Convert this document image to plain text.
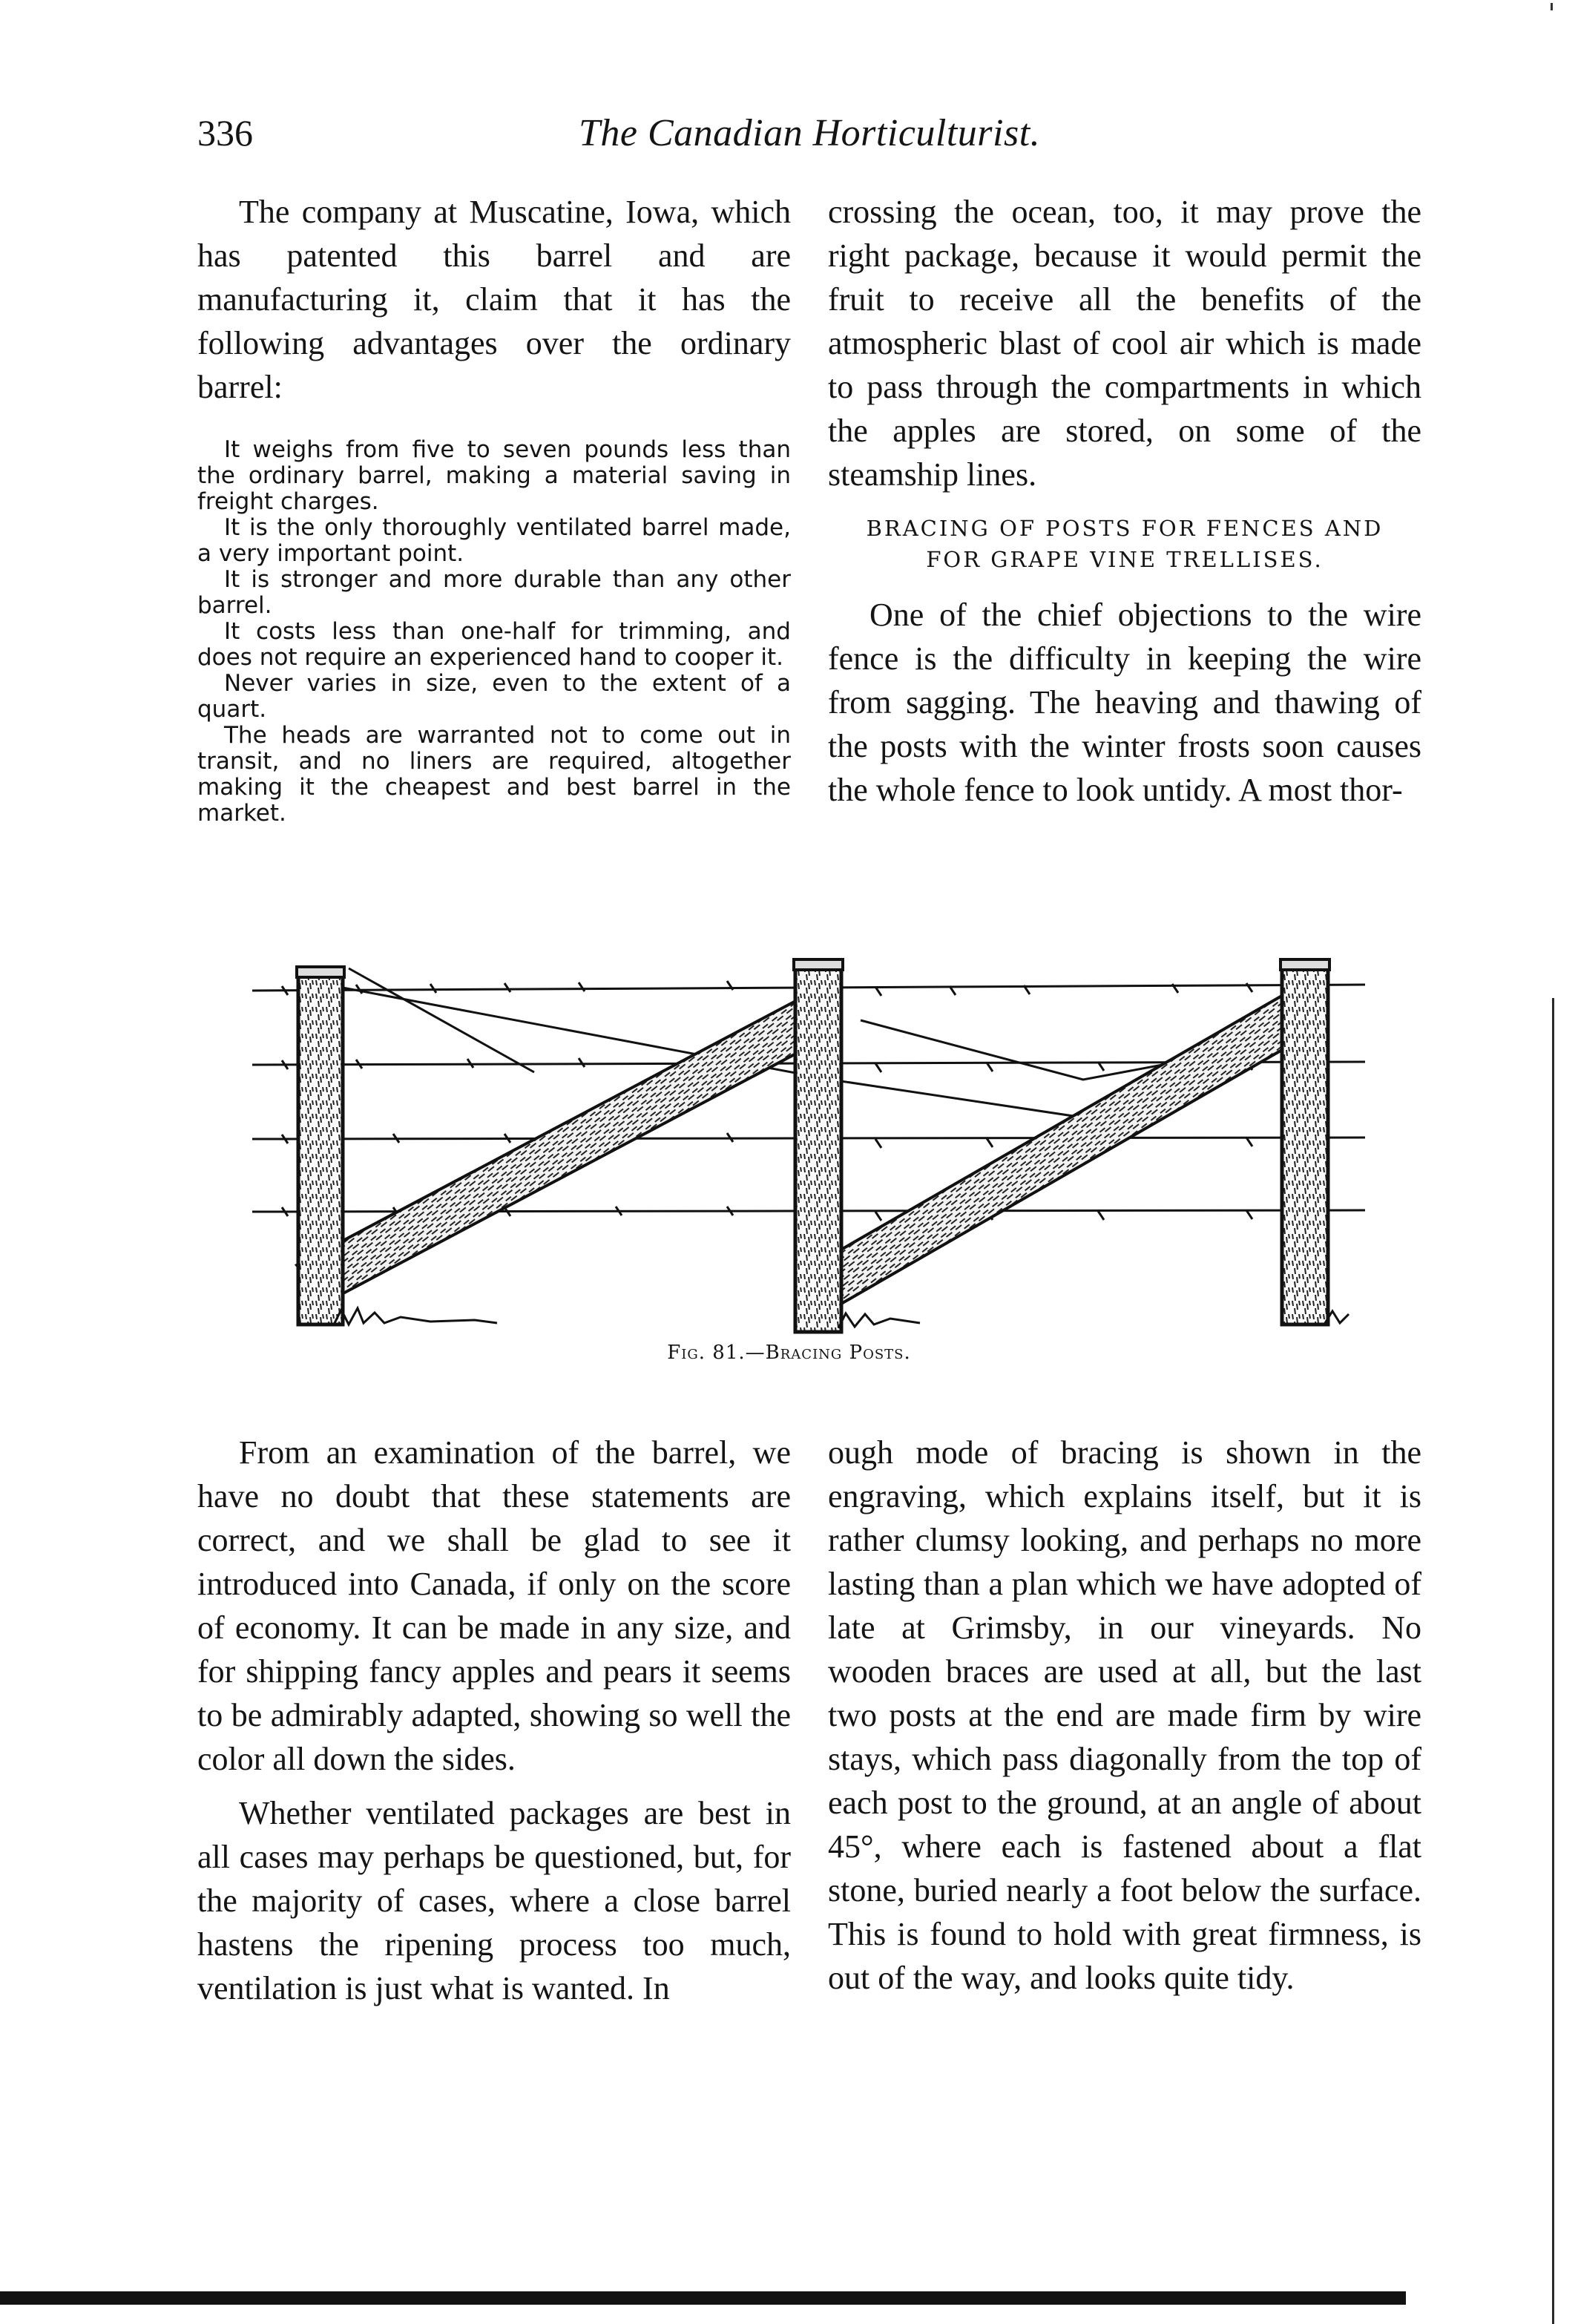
336	The Canadian Horticulturist.

The company at Muscatine, Iowa, which has patented this barrel and are manufacturing it, claim that it has the following advantages over the ordinary barrel:

It weighs from five to seven pounds less than the ordinary barrel, making a material saving in freight charges.

It is the only thoroughly ventilated barrel made, a very important point.

It is stronger and more durable than any other barrel.

It costs less than one-half for trimming, and does not require an experienced hand to cooper it.

Never varies in size, even to the extent of a quart.

The heads are warranted not to come out in transit, and no liners are required, altogether making it the cheapest and best barrel in the market.

crossing the ocean, too, it may prove the right package, because it would permit the fruit to receive all the benefits of the atmospheric blast of cool air which is made to pass through the compartments in which the apples are stored, on some of the steamship lines.

BRACING OF POSTS FOR FENCES AND
FOR GRAPE VINE TRELLISES.

One of the chief objections to the wire fence is the difficulty in keeping the wire from sagging. The heaving and thawing of the posts with the winter frosts soon causes the whole fence to look untidy. A most thor-

Fig. 81.—Bracing Posts.

From an examination of the barrel, we have no doubt that these statements are correct, and we shall be glad to see it introduced into Canada, if only on the score of economy. It can be made in any size, and for shipping fancy apples and pears it seems to be admirably adapted, showing so well the color all down the sides.

Whether ventilated packages are best in all cases may perhaps be questioned, but, for the majority of cases, where a close barrel hastens the ripening process too much, ventilation is just what is wanted. In

ough mode of bracing is shown in the engraving, which explains itself, but it is rather clumsy looking, and perhaps no more lasting than a plan which we have adopted of late at Grimsby, in our vineyards. No wooden braces are used at all, but the last two posts at the end are made firm by wire stays, which pass diagonally from the top of each post to the ground, at an angle of about 45°, where each is fastened about a flat stone, buried nearly a foot below the surface. This is found to hold with great firmness, is out of the way, and looks quite tidy.
